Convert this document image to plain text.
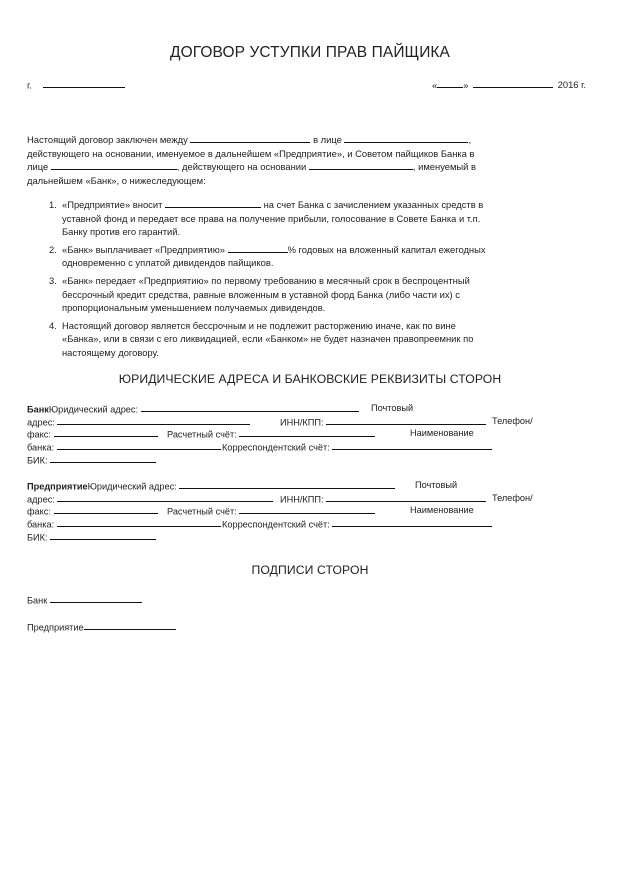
ДОГОВОР УСТУПКИ ПРАВ ПАЙЩИКА
г.	«	»	2016 г.

Настоящий договор заключен между	в лице	,

действующего на основании, именуемое в дальнейшем «Предприятие», и Советом пайщиков Банка в

лице	, действующего на основании	, именуемый в

дальнейшем «Банк», о нижеследующем:

1. «Предприятие» вносит	на счет Банка с зачислением указанных средств в
уставной фонд и передает все права на получение прибыли, голосование в Совете Банка и т.п.
Банку против его гарантий.
2. «Банк» выплачивает «Предприятию»	% годовых на вложенный капитал ежегодных
одновременно с уплатой дивидендов пайщиков.
3. «Банк» передает «Предприятию» по первому требованию в месячный срок в беспроцентный
бессрочный кредит средства, равные вложенным в уставной форд Банка (либо части их) с
пропорциональным уменьшением получаемых дивидендов.
4. Настоящий договор является бессрочным и не подлежит расторжению иначе, как по вине
«Банка», или в связи с его ликвидацией, если «Банком» не будет назначен правопреемник по
настоящему договору.
ЮРИДИЧЕСКИЕ АДРЕСА И БАНКОВСКИЕ РЕКВИЗИТЫ СТОРОН
БанкЮридический адрес:	Почтовый
адрес:	ИНН/КПП:	Телефон/
факс:	Расчетный счёт:	Наименование
банка:	Корреспондентский счёт:
БИК:
ПредприятиеЮридический адрес:	Почтовый
адрес:	ИНН/КПП:	Телефон/
факс:	Расчетный счёт:	Наименование
банка:	Корреспондентский счёт:
БИК:
ПОДПИСИ СТОРОН
Банк
Предприятие
